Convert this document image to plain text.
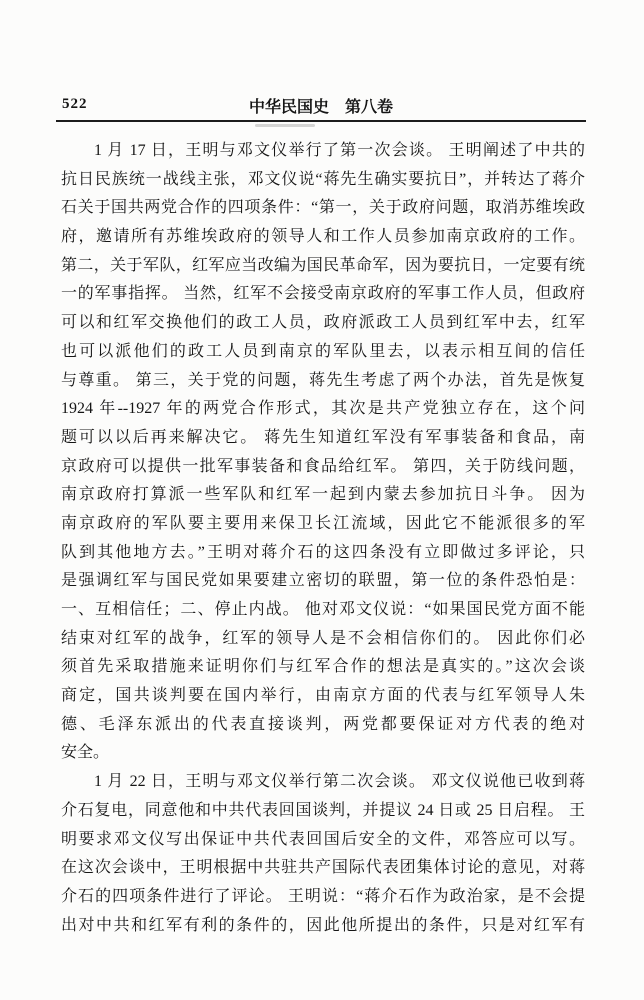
522	中华民国史　第八卷
1 月 17 日，王明与邓文仪举行了第一次会谈。 王明阐述了中共的
抗日民族统一战线主张，邓文仪说“蒋先生确实要抗日”，并转达了蒋介
石关于国共两党合作的四项条件：“第一，关于政府问题，取消苏维埃政
府，邀请所有苏维埃政府的领导人和工作人员参加南京政府的工作。
第二，关于军队，红军应当改编为国民革命军，因为要抗日，一定要有统
一的军事指挥。 当然，红军不会接受南京政府的军事工作人员，但政府
可以和红军交换他们的政工人员，政府派政工人员到红军中去，红军
也可以派他们的政工人员到南京的军队里去，以表示相互间的信任
与尊重。 第三，关于党的问题，蒋先生考虑了两个办法，首先是恢复
1924 年--1927 年的两党合作形式，其次是共产党独立存在，这个问
题可以以后再来解决它。 蒋先生知道红军没有军事装备和食品，南
京政府可以提供一批军事装备和食品给红军。 第四，关于防线问题，
南京政府打算派一些军队和红军一起到内蒙去参加抗日斗争。 因为
南京政府的军队要主要用来保卫长江流域，因此它不能派很多的军
队到其他地方去。”王明对蒋介石的这四条没有立即做过多评论，只
是强调红军与国民党如果要建立密切的联盟，第一位的条件恐怕是：
一、互相信任；二、停止内战。 他对邓文仪说：“如果国民党方面不能
结束对红军的战争，红军的领导人是不会相信你们的。 因此你们必
须首先采取措施来证明你们与红军合作的想法是真实的。”这次会谈
商定，国共谈判要在国内举行，由南京方面的代表与红军领导人朱
德、毛泽东派出的代表直接谈判，两党都要保证对方代表的绝对
安全。
1 月 22 日，王明与邓文仪举行第二次会谈。 邓文仪说他已收到蒋
介石复电，同意他和中共代表回国谈判，并提议 24 日或 25 日启程。 王
明要求邓文仪写出保证中共代表回国后安全的文件，邓答应可以写。
在这次会谈中，王明根据中共驻共产国际代表团集体讨论的意见，对蒋
介石的四项条件进行了评论。 王明说：“蒋介石作为政治家，是不会提
出对中共和红军有利的条件的，因此他所提出的条件，只是对红军有
